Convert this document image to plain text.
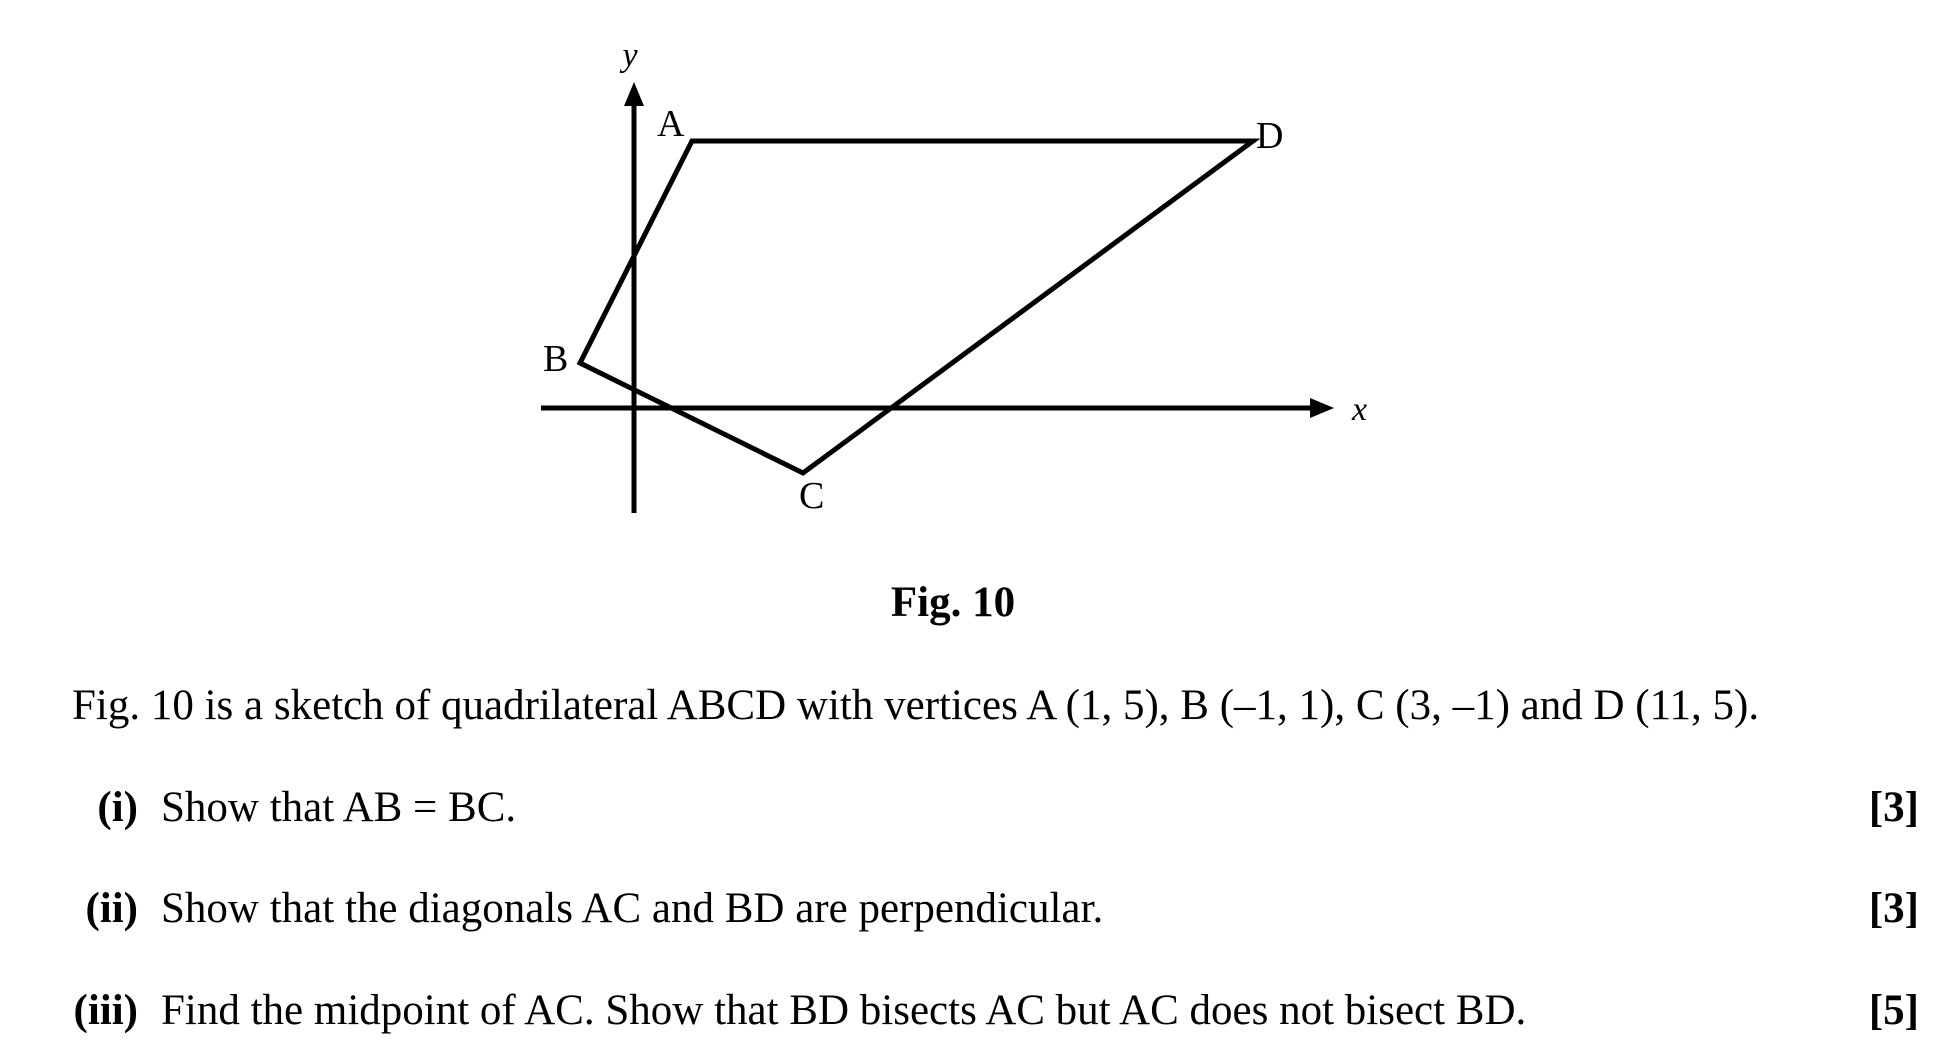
y
x
A
B
C
D
Fig. 10
Fig. 10 is a sketch of quadrilateral ABCD with vertices A (1, 5), B (–1, 1), C (3, –1) and D (11, 5).
(i) Show that AB = BC.	[3]
(ii) Show that the diagonals AC and BD are perpendicular.	[3]
(iii) Find the midpoint of AC. Show that BD bisects AC but AC does not bisect BD.	[5]
